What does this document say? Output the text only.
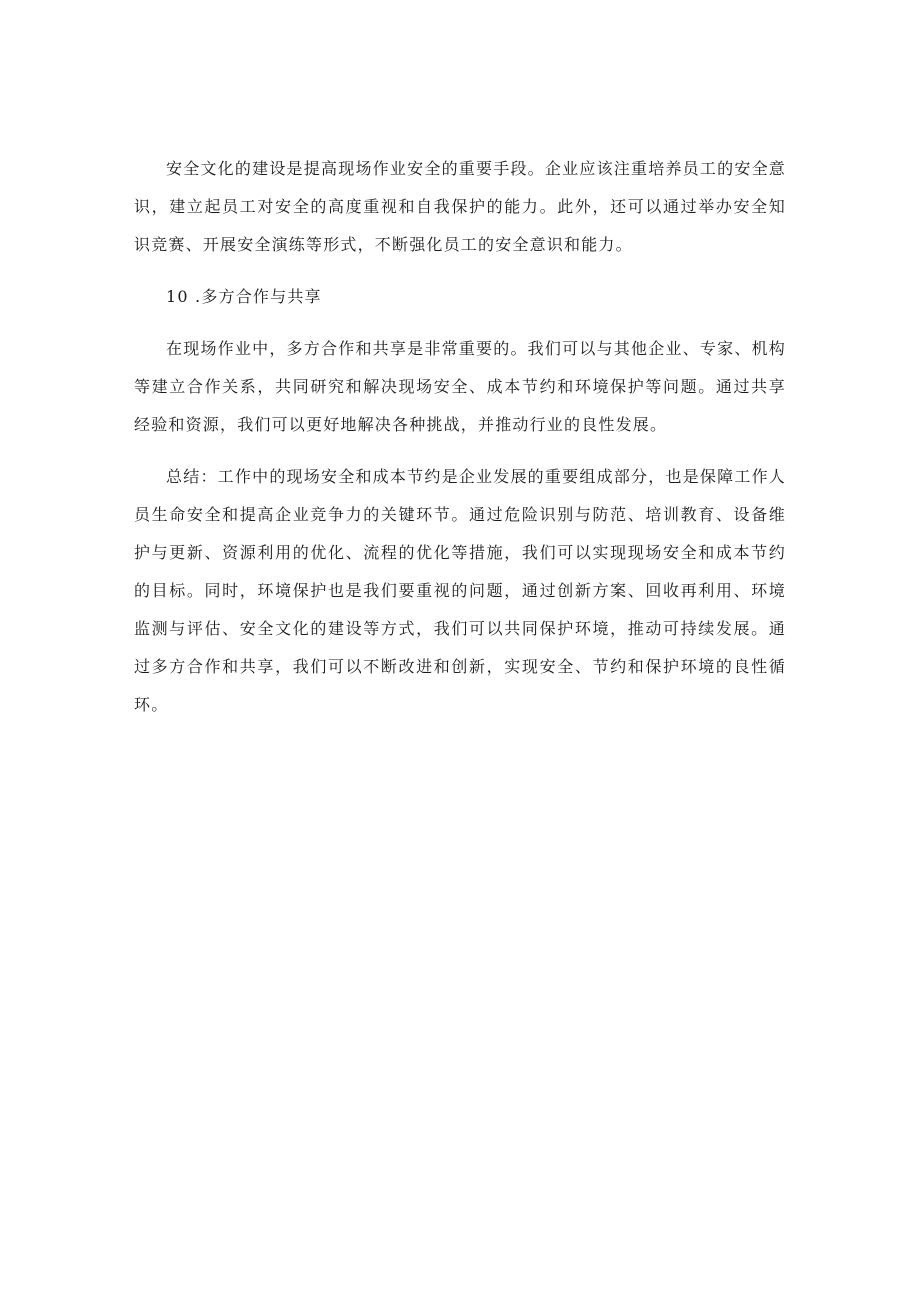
安全文化的建设是提高现场作业安全的重要手段。企业应该注重培养员工的安全意识，建立起员工对安全的高度重视和自我保护的能力。此外，还可以通过举办安全知识竞赛、开展安全演练等形式，不断强化员工的安全意识和能力。

10 .多方合作与共享

在现场作业中，多方合作和共享是非常重要的。我们可以与其他企业、专家、机构等建立合作关系，共同研究和解决现场安全、成本节约和环境保护等问题。通过共享经验和资源，我们可以更好地解决各种挑战，并推动行业的良性发展。

总结：工作中的现场安全和成本节约是企业发展的重要组成部分，也是保障工作人员生命安全和提高企业竞争力的关键环节。通过危险识别与防范、培训教育、设备维护与更新、资源利用的优化、流程的优化等措施，我们可以实现现场安全和成本节约的目标。同时，环境保护也是我们要重视的问题，通过创新方案、回收再利用、环境监测与评估、安全文化的建设等方式，我们可以共同保护环境，推动可持续发展。通过多方合作和共享，我们可以不断改进和创新，实现安全、节约和保护环境的良性循环。
